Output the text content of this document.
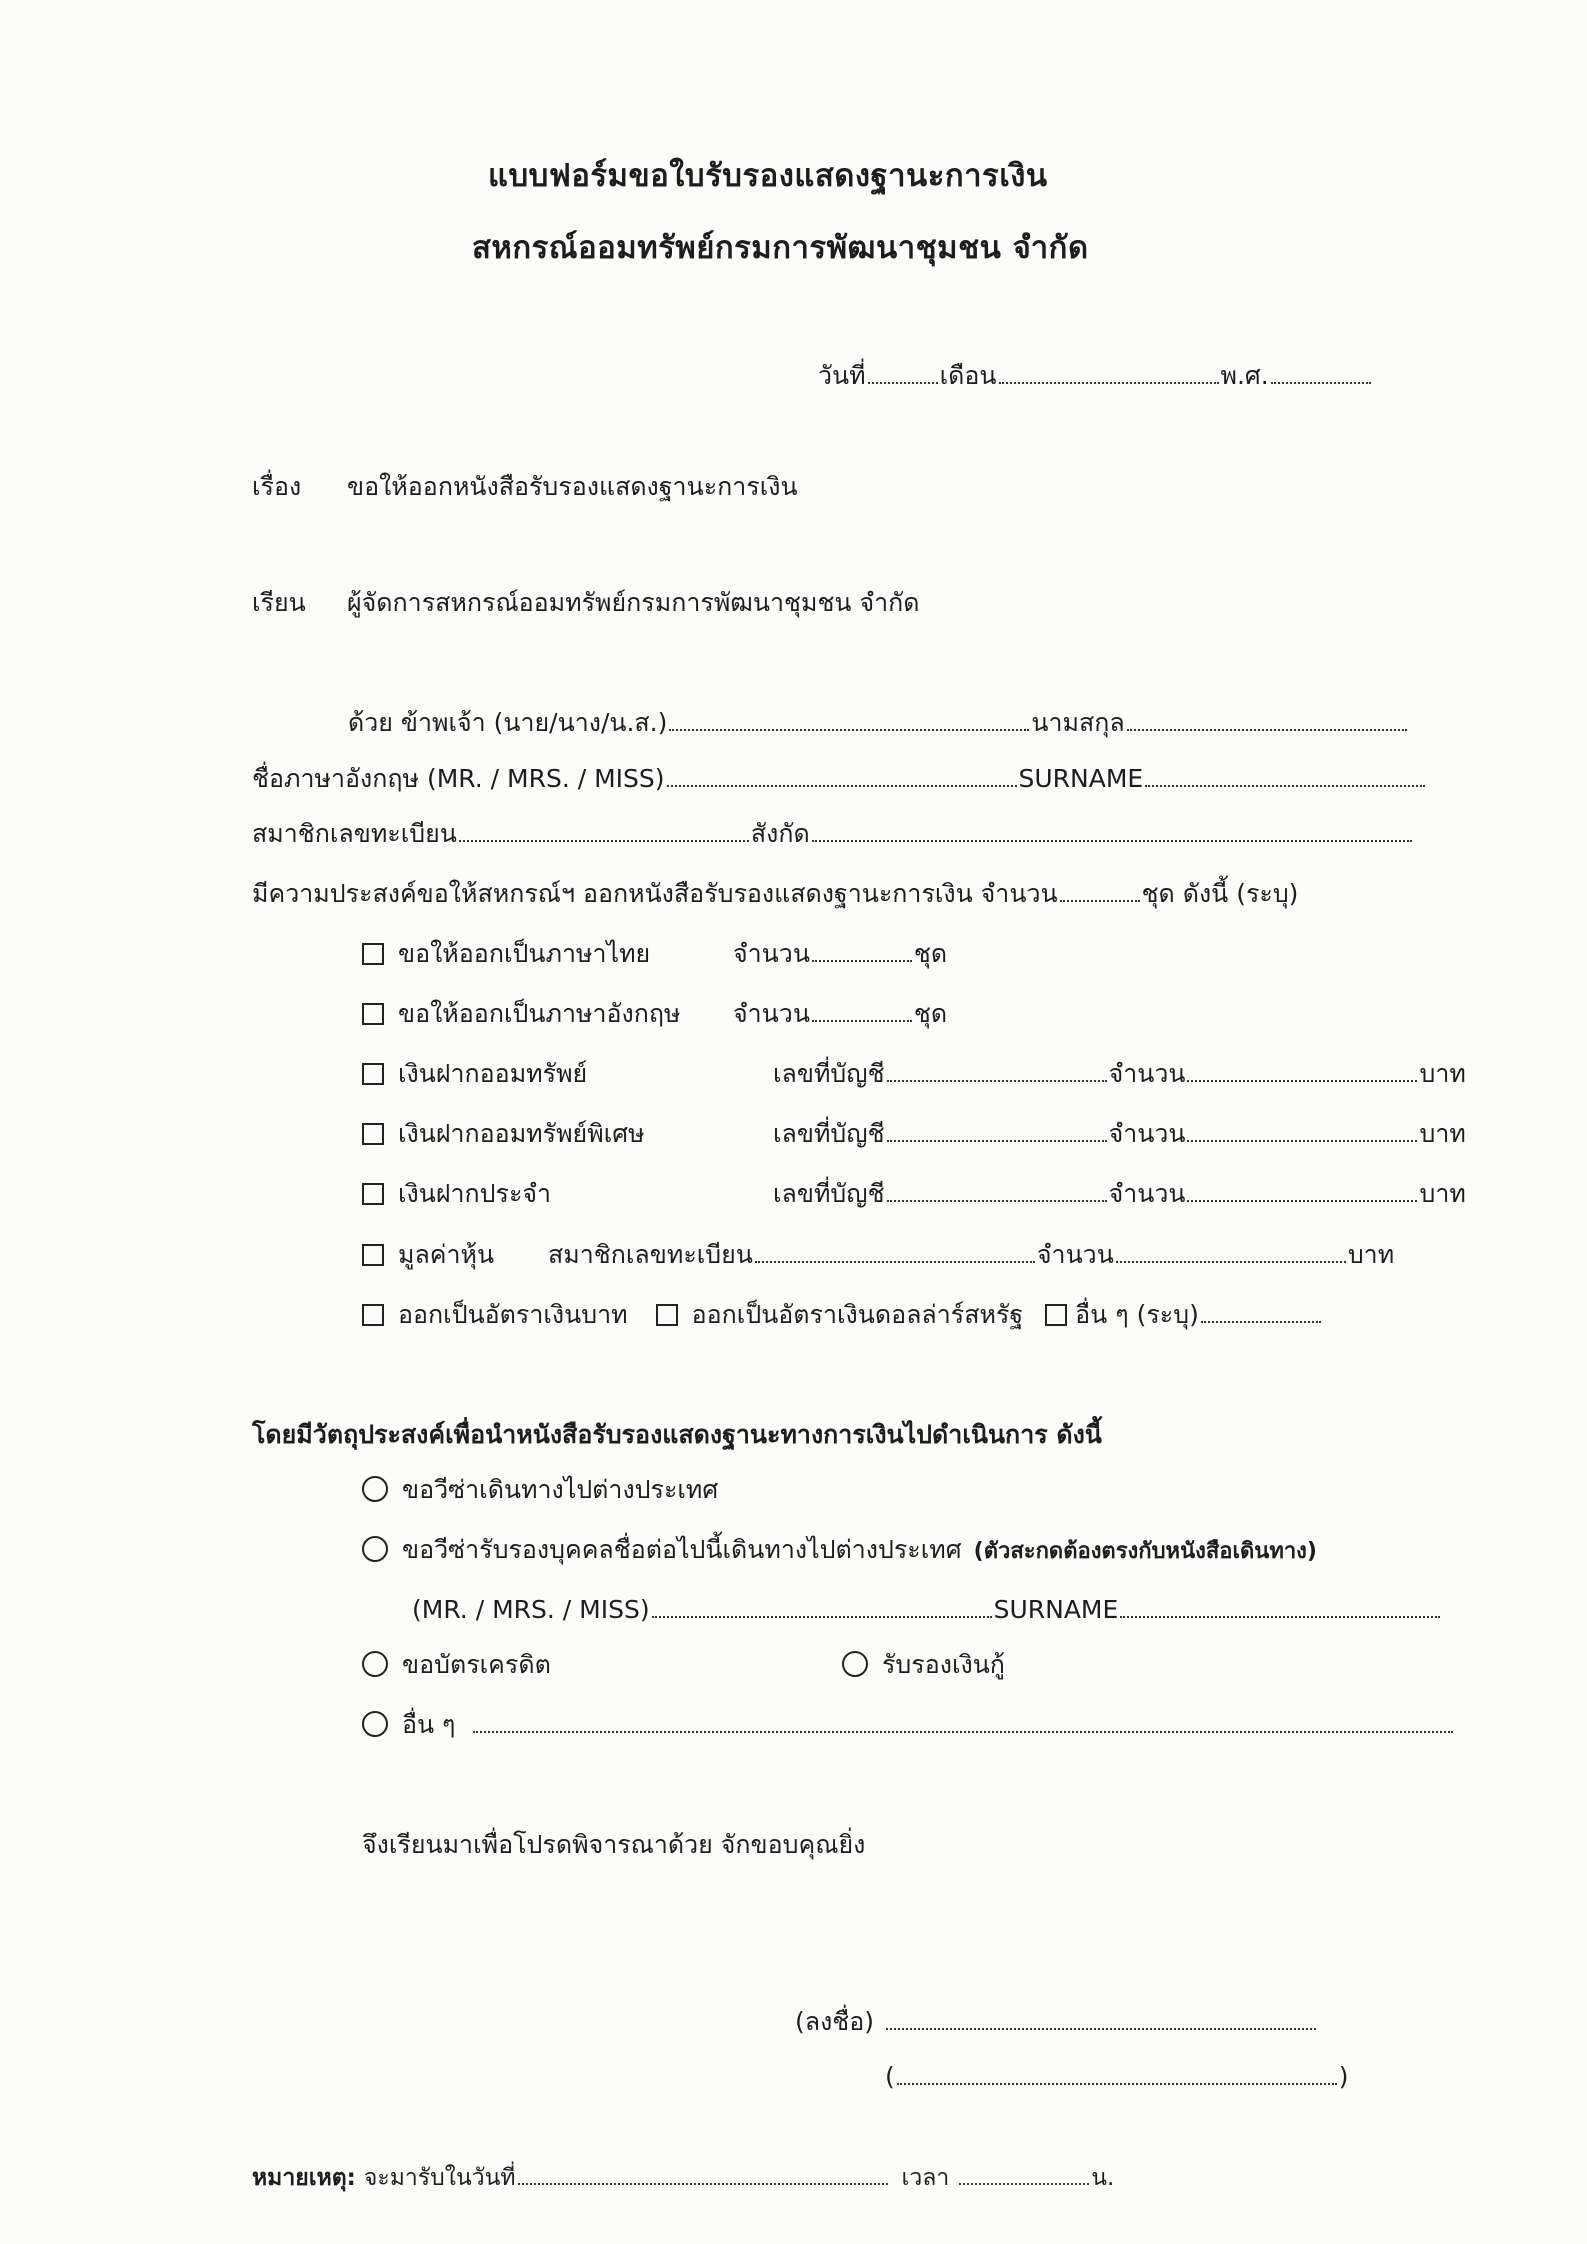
แบบฟอร์มขอใบรับรองแสดงฐานะการเงิน
สหกรณ์ออมทรัพย์กรมการพัฒนาชุมชน จำกัด
วันที่	เดือน	พ.ศ.
เรื่อง ขอให้ออกหนังสือรับรองแสดงฐานะการเงิน
เรียน ผู้จัดการสหกรณ์ออมทรัพย์กรมการพัฒนาชุมชน จำกัด
ด้วย ข้าพเจ้า (นาย/นาง/น.ส.)	นามสกุล
ชื่อภาษาอังกฤษ (MR. / MRS. / MISS)	SURNAME
สมาชิกเลขทะเบียน	สังกัด
มีความประสงค์ขอให้สหกรณ์ฯ ออกหนังสือรับรองแสดงฐานะการเงิน จำนวน	ชุด ดังนี้ (ระบุ)
ขอให้ออกเป็นภาษาไทย	จำนวน	ชุด
ขอให้ออกเป็นภาษาอังกฤษ จำนวน	ชุด
เงินฝากออมทรัพย์	เลขที่บัญชี	จำนวน	บาท
เงินฝากออมทรัพย์พิเศษ	เลขที่บัญชี	จำนวน	บาท
เงินฝากประจำ	เลขที่บัญชี	จำนวน	บาท
มูลค่าหุ้น สมาชิกเลขทะเบียน	จำนวน	บาท
ออกเป็นอัตราเงินบาท	ออกเป็นอัตราเงินดอลล่าร์สหรัฐ อื่น ๆ (ระบุ)
โดยมีวัตถุประสงค์เพื่อนำหนังสือรับรองแสดงฐานะทางการเงินไปดำเนินการ ดังนี้
ขอวีซ่าเดินทางไปต่างประเทศ
ขอวีซ่ารับรองบุคคลชื่อต่อไปนี้เดินทางไปต่างประเทศ (ตัวสะกดต้องตรงกับหนังสือเดินทาง)
(MR. / MRS. / MISS)	SURNAME
ขอบัตรเครดิต	รับรองเงินกู้
อื่น ๆ
จึงเรียนมาเพื่อโปรดพิจารณาด้วย จักขอบคุณยิ่ง
(ลงชื่อ)
(	)
หมายเหตุ: จะมารับในวันที่	เวลา	น.
